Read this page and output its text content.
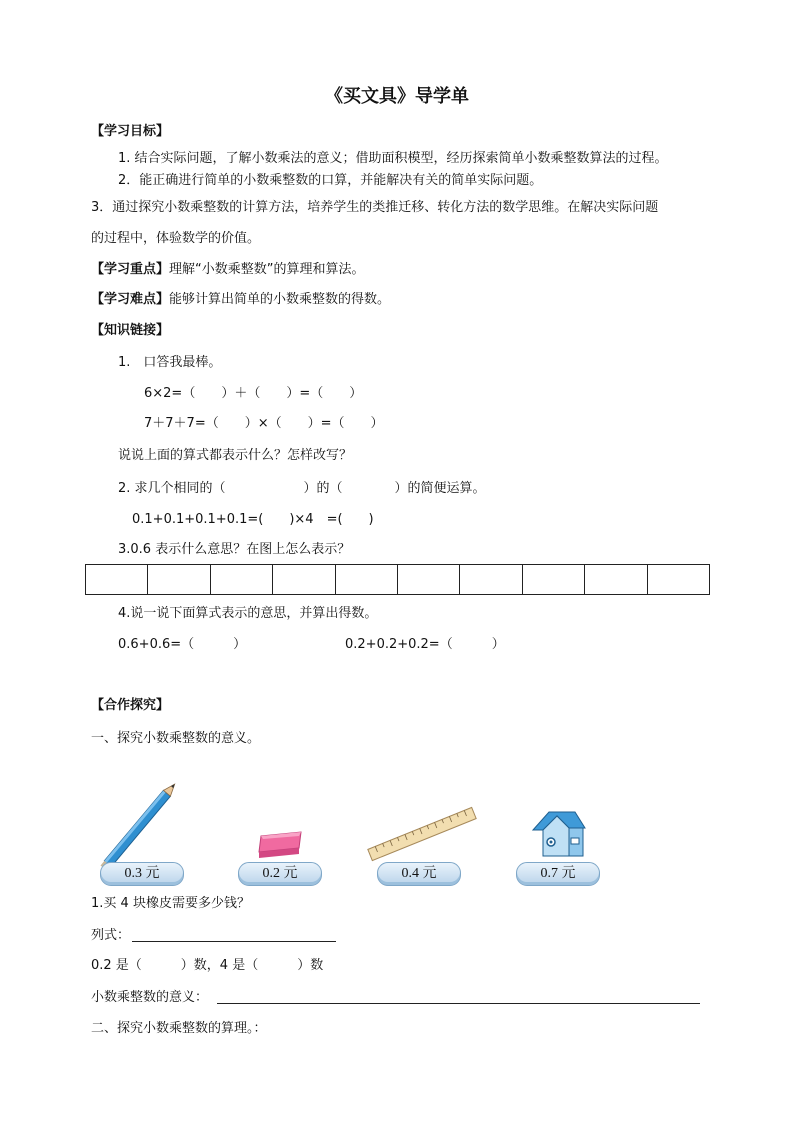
《买文具》导学单
【学习目标】
1. 结合实际问题，了解小数乘法的意义；借助面积模型，经历探索简单小数乘整数算法的过程。
2．能正确进行简单的小数乘整数的口算，并能解决有关的简单实际问题。
3．通过探究小数乘整数的计算方法，培养学生的类推迁移、转化方法的数学思维。在解决实际问题
的过程中，体验数学的价值。
【学习重点】理解“小数乘整数”的算理和算法。
【学习难点】能够计算出简单的小数乘整数的得数。
【知识链接】
1.　口答我最棒。
6×2=（　　）＋（　　）=（　　）
7＋7＋7=（　　）×（　　）=（　　）
说说上面的算式都表示什么？怎样改写？
2. 求几个相同的（　　　　　　）的（　　　　）的简便运算。
0.1+0.1+0.1+0.1=(　　)×4　=(　　)
3.0.6 表示什么意思？在图上怎么表示？

4.说一说下面算式表示的意思，并算出得数。
0.6+0.6=（　　　）	0.2+0.2+0.2=（　　　）
【合作探究】
一、探究小数乘整数的意义。
0.3 元	0.2 元	0.4 元	0.7 元
1.买 4 块橡皮需要多少钱？
列式：
0.2 是（　　　）数，4 是（　　　）数
小数乘整数的意义：
二、探究小数乘整数的算理。：
